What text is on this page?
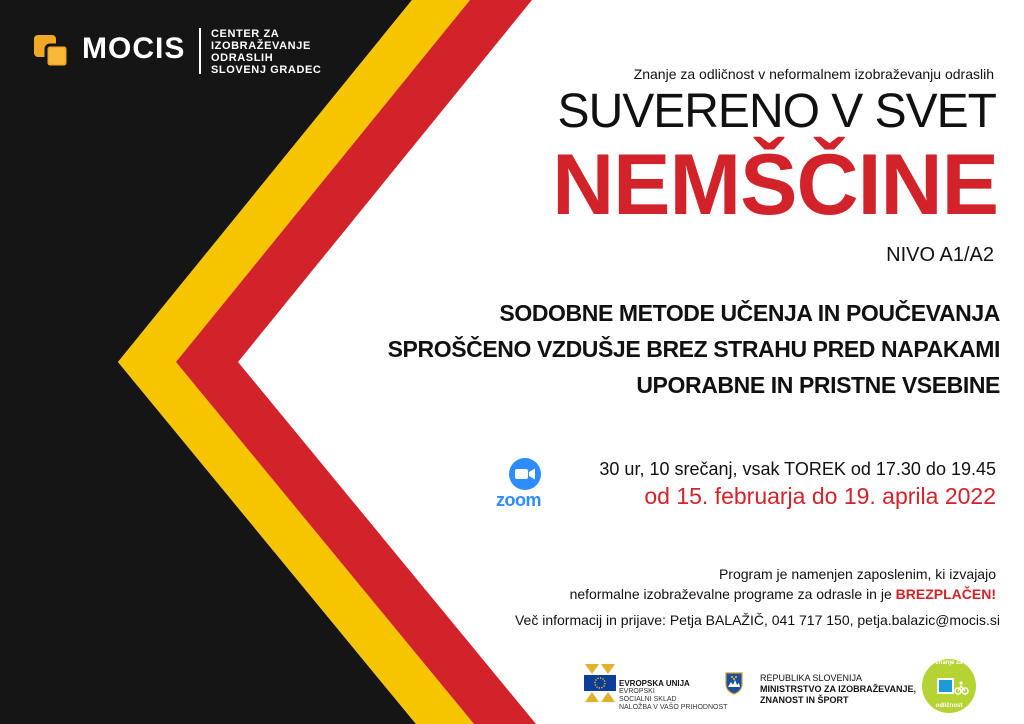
MOCIS CENTER ZA
IZOBRAŽEVANJE
ODRASLIH
SLOVENJ GRADEC	Znanje za odličnost v neformalnem izobraževanju odraslih
SUVERENO V SVET
NEMŠČINE
NIVO A1/A2
SODOBNE METODE UČENJA IN POUČEVANJA
SPROŠČENO VZDUŠJE BREZ STRAHU PRED NAPAKAMI
UPORABNE IN PRISTNE VSEBINE
zoom
30 ur, 10 srečanj, vsak TOREK od 17.30 do 19.45
od 15. februarja do 19. aprila 2022
Program je namenjen zaposlenim, ki izvajajo
neformalne izobraževalne programe za odrasle in je BREZPLAČEN!
Več informacij in prijave: Petja BALAŽIČ, 041 717 150, petja.balazic@mocis.si
EVROPSKA UNIJA
EVROPSKI
SOCIALNI SKLAD
NALOŽBA V VAŠO PRIHODNOST
REPUBLIKA SLOVENIJA
MINISTRSTVO ZA IZOBRAŽEVANJE,
ZNANOST IN ŠPORT
znanje za
odličnost
